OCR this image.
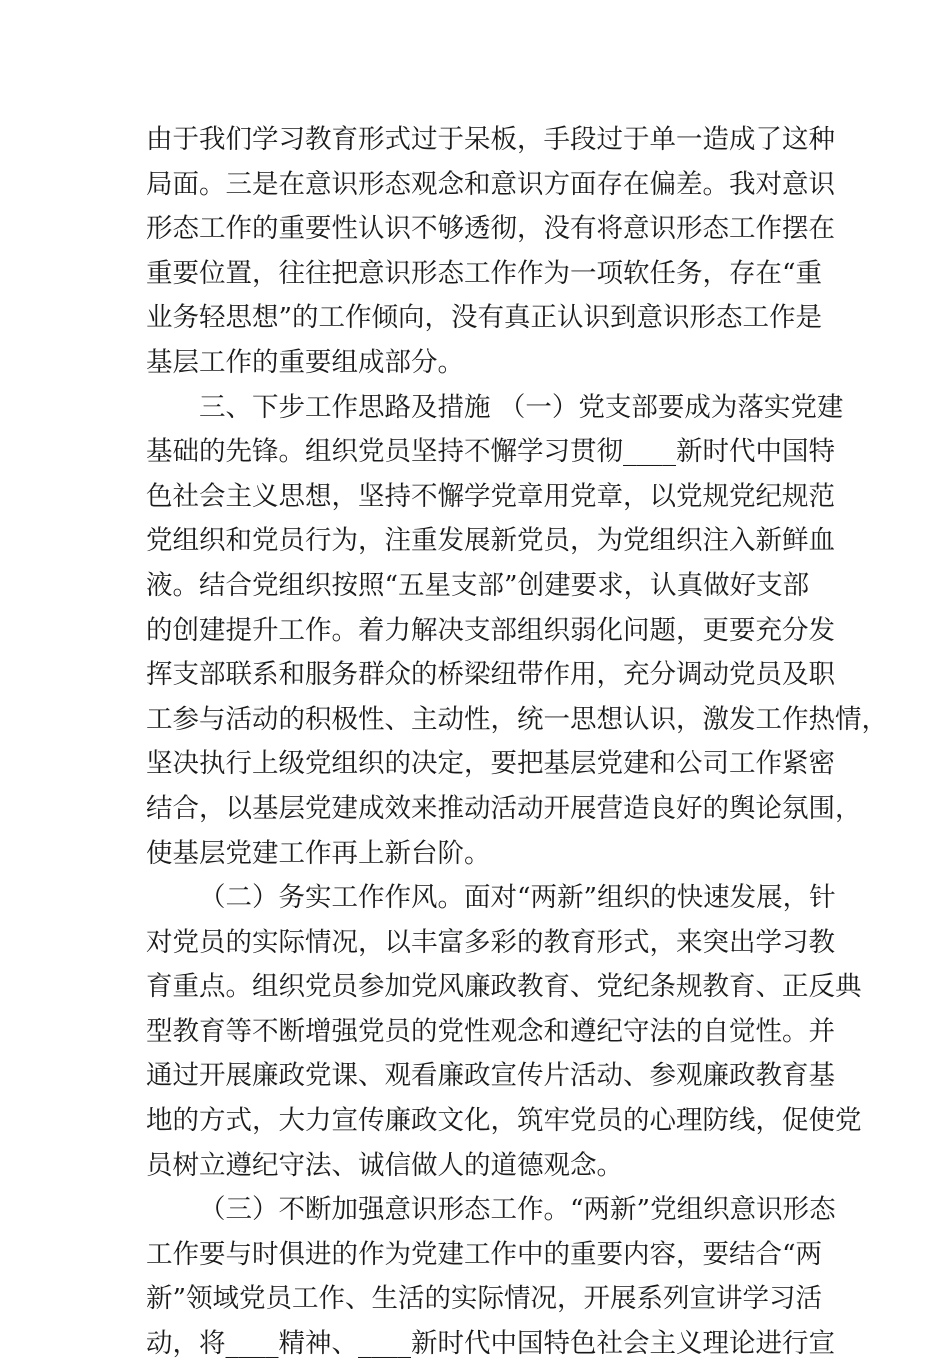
由于我们学习教育形式过于呆板，手段过于单一造成了这种
局面。三是在意识形态观念和意识方面存在偏差。我对意识
形态工作的重要性认识不够透彻，没有将意识形态工作摆在
重要位置，往往把意识形态工作作为一项软任务，存在“重
业务轻思想”的工作倾向，没有真正认识到意识形态工作是
基层工作的重要组成部分。
三、下步工作思路及措施 （一）党支部要成为落实党建
基础的先锋。组织党员坚持不懈学习贯彻____新时代中国特
色社会主义思想，坚持不懈学党章用党章，以党规党纪规范
党组织和党员行为，注重发展新党员，为党组织注入新鲜血
液。结合党组织按照“五星支部”创建要求，认真做好支部
的创建提升工作。着力解决支部组织弱化问题，更要充分发
挥支部联系和服务群众的桥梁纽带作用，充分调动党员及职
工参与活动的积极性、主动性，统一思想认识，激发工作热情，
坚决执行上级党组织的决定，要把基层党建和公司工作紧密
结合，以基层党建成效来推动活动开展营造良好的舆论氛围，
使基层党建工作再上新台阶。
（二）务实工作作风。面对“两新”组织的快速发展，针
对党员的实际情况，以丰富多彩的教育形式，来突出学习教
育重点。组织党员参加党风廉政教育、党纪条规教育、正反典
型教育等不断增强党员的党性观念和遵纪守法的自觉性。并
通过开展廉政党课、观看廉政宣传片活动、参观廉政教育基
地的方式，大力宣传廉政文化，筑牢党员的心理防线，促使党
员树立遵纪守法、诚信做人的道德观念。
（三）不断加强意识形态工作。“两新”党组织意识形态
工作要与时俱进的作为党建工作中的重要内容，要结合“两
新”领域党员工作、生活的实际情况，开展系列宣讲学习活
动，将____精神、____新时代中国特色社会主义理论进行宣
